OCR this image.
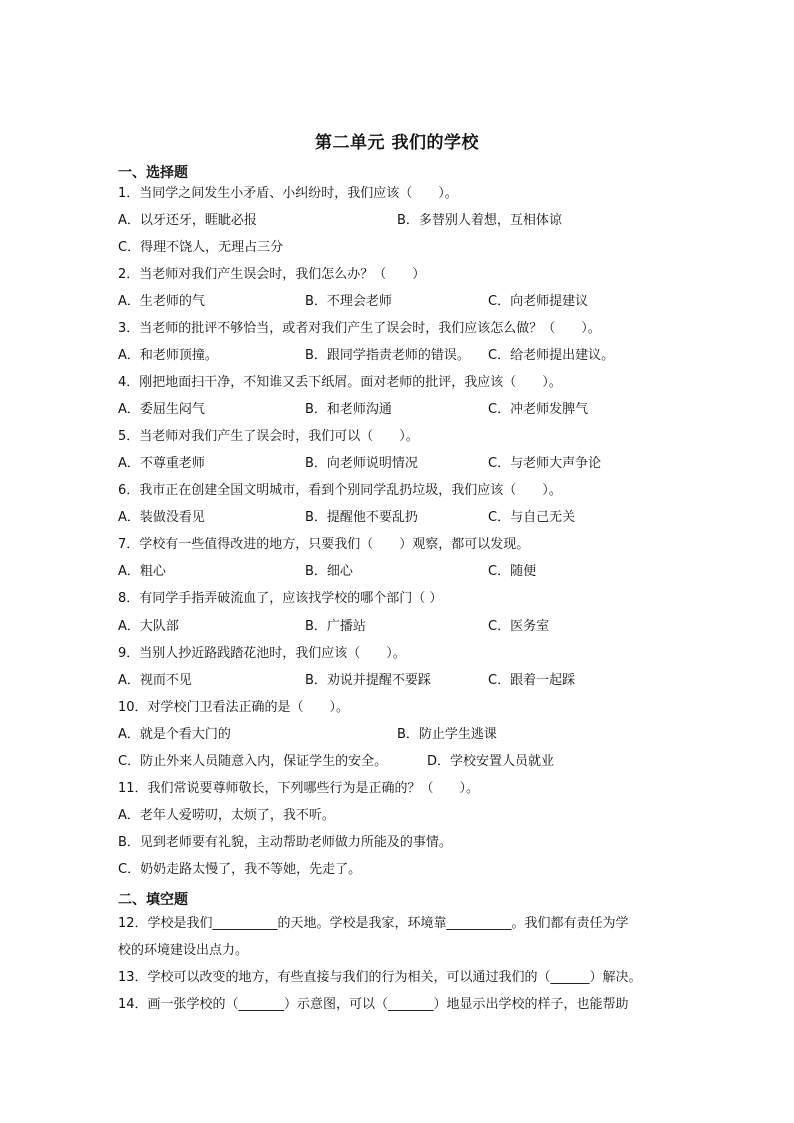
第二单元 我们的学校
一、选择题
1．当同学之间发生小矛盾、小纠纷时，我们应该（　　）。
A．以牙还牙，睚眦必报	B．多替别人着想，互相体谅
C．得理不饶人，无理占三分
2．当老师对我们产生误会时，我们怎么办？（　　）
A．生老师的气	B．不理会老师	C．向老师提建议
3．当老师的批评不够恰当，或者对我们产生了误会时，我们应该怎么做？（　　）。
A．和老师顶撞。	B．跟同学指责老师的错误。 C．给老师提出建议。
4．刚把地面扫干净，不知谁又丢下纸屑。面对老师的批评，我应该（　　）。
A．委屈生闷气	B．和老师沟通	C．冲老师发脾气
5．当老师对我们产生了误会时，我们可以（　　）。
A．不尊重老师	B．向老师说明情况	C．与老师大声争论
6．我市正在创建全国文明城市，看到个别同学乱扔垃圾，我们应该（　　）。
A．装做没看见	B．提醒他不要乱扔	C．与自己无关
7．学校有一些值得改进的地方，只要我们（　　）观察，都可以发现。
A．粗心	B．细心	C．随便
8．有同学手指弄破流血了，应该找学校的哪个部门（ ）
A．大队部	B．广播站	C．医务室
9．当别人抄近路践踏花池时，我们应该（　　）。
A．视而不见	B．劝说并提醒不要踩	C．跟着一起踩
10．对学校门卫看法正确的是（　　）。
A．就是个看大门的	B．防止学生逃课
C．防止外来人员随意入内，保证学生的安全。	D．学校安置人员就业
11．我们常说要尊师敬长，下列哪些行为是正确的？（　　）。
A．老年人爱唠叨，太烦了，我不听。
B．见到老师要有礼貌，主动帮助老师做力所能及的事情。
C．奶奶走路太慢了，我不等她，先走了。
二、填空题
12．学校是我们__________的天地。学校是我家，环境靠__________。我们都有责任为学
校的环境建设出点力。
13．学校可以改变的地方，有些直接与我们的行为相关，可以通过我们的（______）解决。
14．画一张学校的（_______）示意图，可以（_______）地显示出学校的样子，也能帮助
